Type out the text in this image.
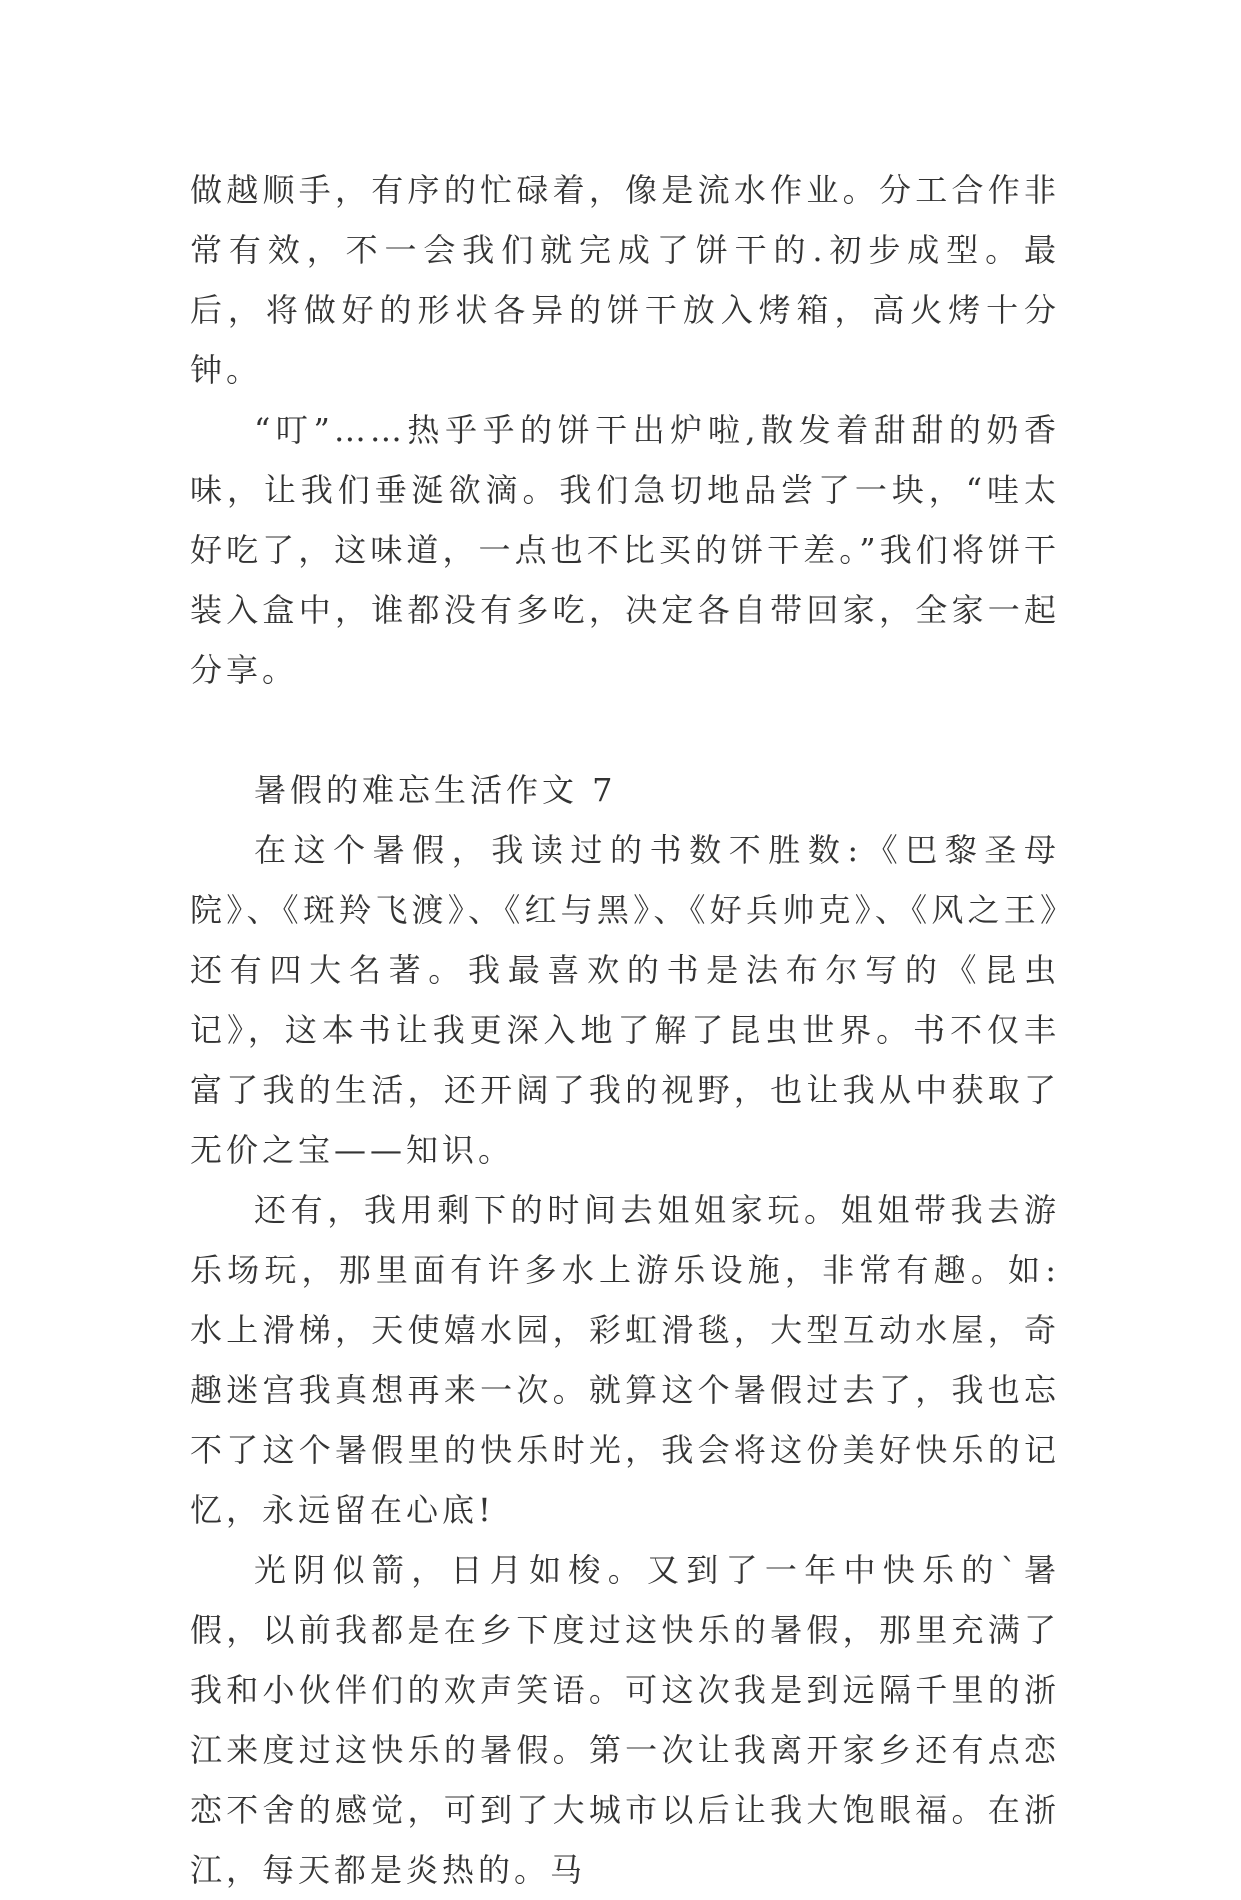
做越顺手，有序的忙碌着，像是流水作业。分工合作非常有效，不一会我们就完成了饼干的.初步成型。最后，将做好的形状各异的饼干放入烤箱，高火烤十分钟。

“叮”……热乎乎的饼干出炉啦,散发着甜甜的奶香味，让我们垂涎欲滴。我们急切地品尝了一块，“哇太好吃了，这味道，一点也不比买的饼干差。”我们将饼干装入盒中，谁都没有多吃，决定各自带回家，全家一起分享。

暑假的难忘生活作文 7

在这个暑假，我读过的书数不胜数:《巴黎圣母院》、《斑羚飞渡》、《红与黑》、《好兵帅克》、《风之王》还有四大名著。我最喜欢的书是法布尔写的《昆虫记》，这本书让我更深入地了解了昆虫世界。书不仅丰富了我的生活，还开阔了我的视野，也让我从中获取了无价之宝——知识。

还有，我用剩下的时间去姐姐家玩。姐姐带我去游乐场玩，那里面有许多水上游乐设施，非常有趣。如: 水上滑梯，天使嬉水园，彩虹滑毯，大型互动水屋，奇趣迷宫我真想再来一次。就算这个暑假过去了，我也忘不了这个暑假里的快乐时光，我会将这份美好快乐的记忆，永远留在心底!

光阴似箭，日月如梭。又到了一年中快乐的`暑假，以前我都是在乡下度过这快乐的暑假，那里充满了我和小伙伴们的欢声笑语。可这次我是到远隔千里的浙江来度过这快乐的暑假。第一次让我离开家乡还有点恋恋不舍的感觉，可到了大城市以后让我大饱眼福。在浙江，每天都是炎热的。马
